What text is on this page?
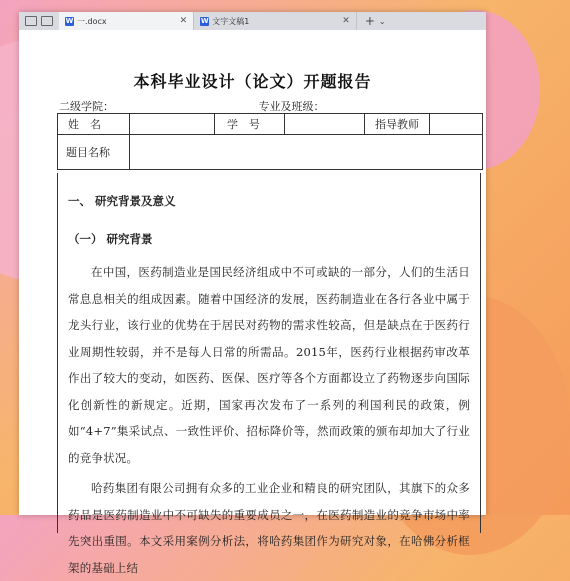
W 一.docx	✕ W 文字文稿1	✕ + ⌄
本科毕业设计（论文）开题报告
二级学院：	专业及班级：
姓　名	学　号	指导教师
题目名称
一、 研究背景及意义
（一） 研究背景
在中国，医药制造业是国民经济组成中不可或缺的一部分，人们的生活日常息息相关的组成因素。随着中国经济的发展，医药制造业在各行各业中属于龙头行业，该行业的优势在于居民对药物的需求性较高，但是缺点在于医药行业周期性较弱，并不是每人日常的所需品。2015年，医药行业根据药审改革作出了较大的变动，如医药、医保、医疗等各个方面都设立了药物逐步向国际化创新性的新规定。近期，国家再次发布了一系列的利国利民的政策，例如“4+7”集采试点、一致性评价、招标降价等，然而政策的颁布却加大了行业的竞争状况。
哈药集团有限公司拥有众多的工业企业和精良的研究团队，其旗下的众多药品是医药制造业中不可缺失的重要成员之一，在医药制造业的竞争市场中率先突出重围。本文采用案例分析法，将哈药集团作为研究对象，在哈佛分析框架的基础上结
